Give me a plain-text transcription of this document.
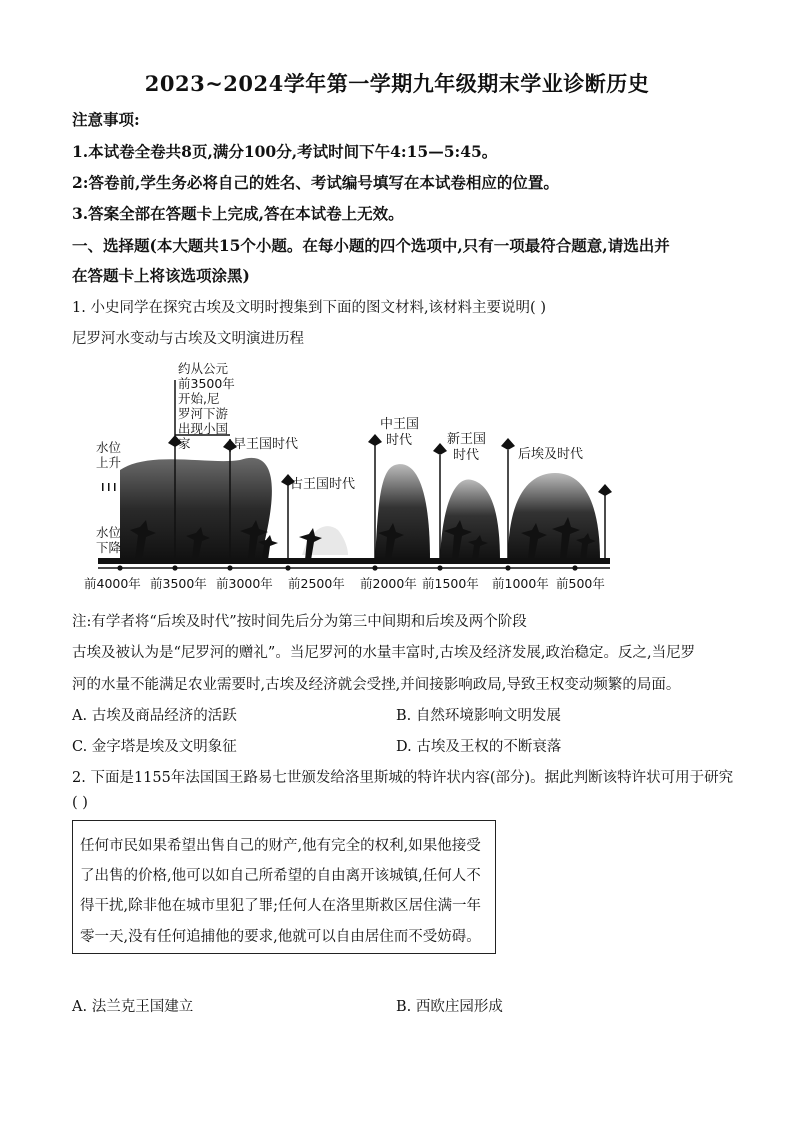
2023~2024学年第一学期九年级期末学业诊断历史
注意事项:
1.本试卷全卷共8页,满分100分,考试时间下午4:15—5:45。
2:答卷前,学生务必将自己的姓名、考试编号填写在本试卷相应的位置。
3.答案全部在答题卡上完成,答在本试卷上无效。
一、选择题(本大题共15个小题。在每小题的四个选项中,只有一项最符合题意,请选出并
在答题卡上将该选项涂黑)
1. 小史同学在探究古埃及文明时搜集到下面的图文材料,该材料主要说明( )
尼罗河水变动与古埃及文明演进历程
水位
上升
水位
下降
约从公元
前3500年
开始,尼
罗河下游
出现小国
家	早王国时代
古王国时代
中王国
时代	新王国
时代	后埃及时代
前4000年 前3500年 前3000年 前2500年 前2000年 前1500年 前1000年 前500年
注:有学者将“后埃及时代”按时间先后分为第三中间期和后埃及两个阶段
古埃及被认为是“尼罗河的赠礼”。当尼罗河的水量丰富时,古埃及经济发展,政治稳定。反之,当尼罗
河的水量不能满足农业需要时,古埃及经济就会受挫,并间接影响政局,导致王权变动频繁的局面。
A. 古埃及商品经济的活跃	B. 自然环境影响文明发展
C. 金字塔是埃及文明象征	D. 古埃及王权的不断衰落
2. 下面是1155年法国国王路易七世颁发给洛里斯城的特许状内容(部分)。据此判断该特许状可用于研究
( )
任何市民如果希望出售自己的财产,他有完全的权利,如果他接受
了出售的价格,他可以如自己所希望的自由离开该城镇,任何人不
得干扰,除非他在城市里犯了罪;任何人在洛里斯救区居住满一年
零一天,没有任何追捕他的要求,他就可以自由居住而不受妨碍。
A. 法兰克王国建立	B. 西欧庄园形成
